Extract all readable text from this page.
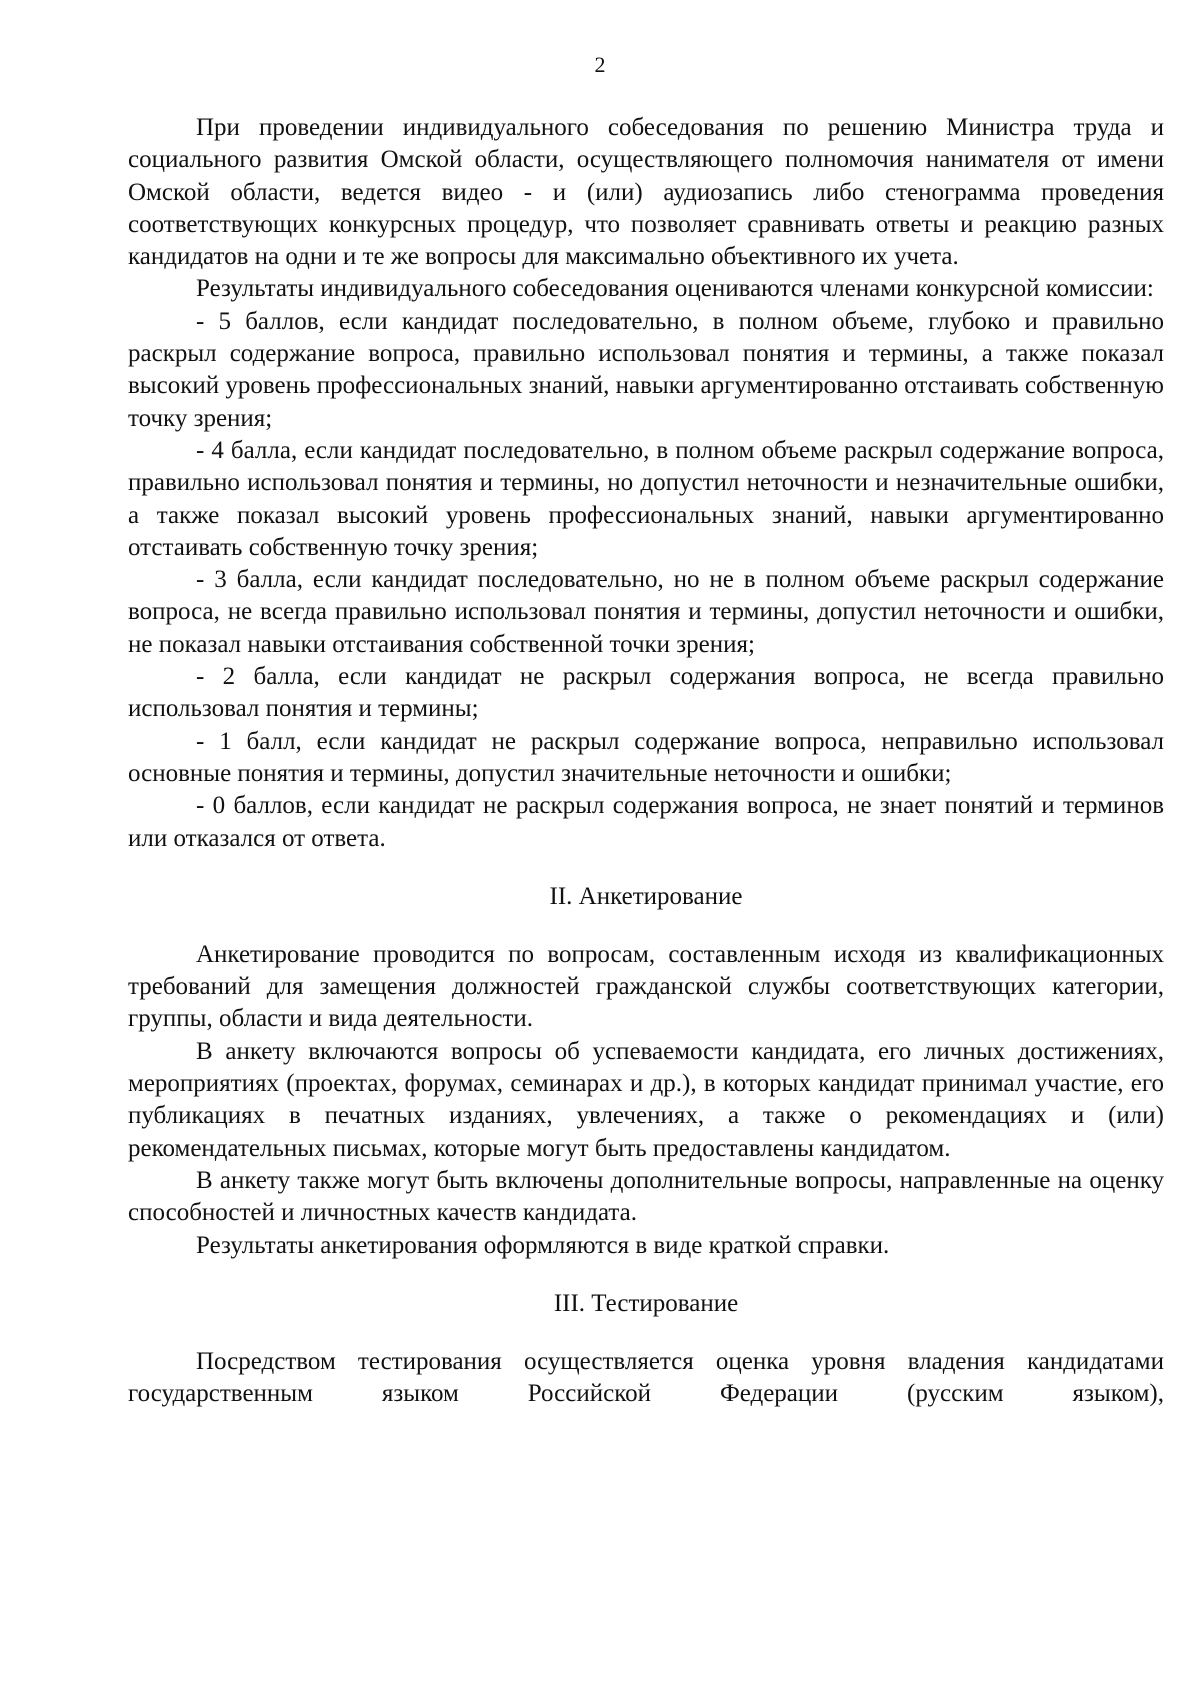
2

При проведении индивидуального собеседования по решению Министра труда и социального развития Омской области, осуществляющего полномочия нанимателя от имени Омской области, ведется видео - и (или) аудиозапись либо стенограмма проведения соответствующих конкурсных процедур, что позволяет сравнивать ответы и реакцию разных кандидатов на одни и те же вопросы для максимально объективного их учета.

Результаты индивидуального собеседования оцениваются членами конкурсной комиссии:

- 5 баллов, если кандидат последовательно, в полном объеме, глубоко и правильно раскрыл содержание вопроса, правильно использовал понятия и термины, а также показал высокий уровень профессиональных знаний, навыки аргументированно отстаивать собственную точку зрения;

- 4 балла, если кандидат последовательно, в полном объеме раскрыл содержание вопроса, правильно использовал понятия и термины, но допустил неточности и незначительные ошибки, а также показал высокий уровень профессиональных знаний, навыки аргументированно отстаивать собственную точку зрения;

- 3 балла, если кандидат последовательно, но не в полном объеме раскрыл содержание вопроса, не всегда правильно использовал понятия и термины, допустил неточности и ошибки, не показал навыки отстаивания собственной точки зрения;

- 2 балла, если кандидат не раскрыл содержания вопроса, не всегда правильно использовал понятия и термины;

- 1 балл, если кандидат не раскрыл содержание вопроса, неправильно использовал основные понятия и термины, допустил значительные неточности и ошибки;

- 0 баллов, если кандидат не раскрыл содержания вопроса, не знает понятий и терминов или отказался от ответа.

II. Анкетирование

Анкетирование проводится по вопросам, составленным исходя из квалификационных требований для замещения должностей гражданской службы соответствующих категории, группы, области и вида деятельности.

В анкету включаются вопросы об успеваемости кандидата, его личных достижениях, мероприятиях (проектах, форумах, семинарах и др.), в которых кандидат принимал участие, его публикациях в печатных изданиях, увлечениях, а также о рекомендациях и (или) рекомендательных письмах, которые могут быть предоставлены кандидатом.

В анкету также могут быть включены дополнительные вопросы, направленные на оценку способностей и личностных качеств кандидата.

Результаты анкетирования оформляются в виде краткой справки.

III. Тестирование

Посредством тестирования осуществляется оценка уровня владения кандидатами государственным языком Российской Федерации (русским языком),
